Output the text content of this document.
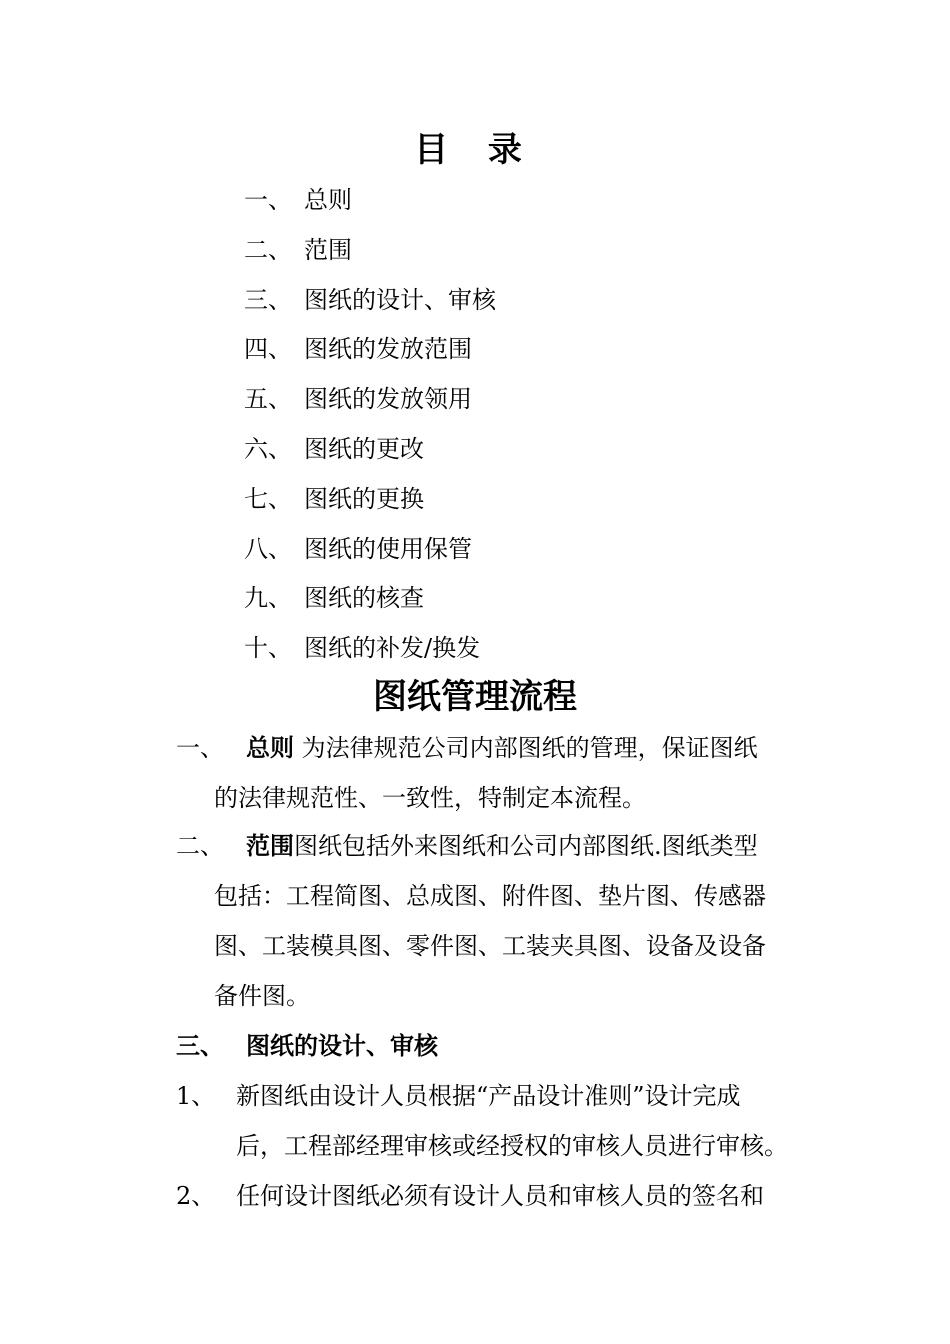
目 录
一、 总则
二、 范围
三、 图纸的设计、审核
四、 图纸的发放范围
五、 图纸的发放领用
六、 图纸的更改
七、 图纸的更换
八、 图纸的使用保管
九、 图纸的核查
十、 图纸的补发/换发
图纸管理流程
一、 总则 为法律规范公司内部图纸的管理，保证图纸
的法律规范性、一致性，特制定本流程。
二、 范围图纸包括外来图纸和公司内部图纸.图纸类型
包括：工程简图、总成图、附件图、垫片图、传感器
图、工装模具图、零件图、工装夹具图、设备及设备
备件图。
三、 图纸的设计、审核
1、 新图纸由设计人员根据“产品设计准则”设计完成
后，工程部经理审核或经授权的审核人员进行审核。
2、 任何设计图纸必须有设计人员和审核人员的签名和
